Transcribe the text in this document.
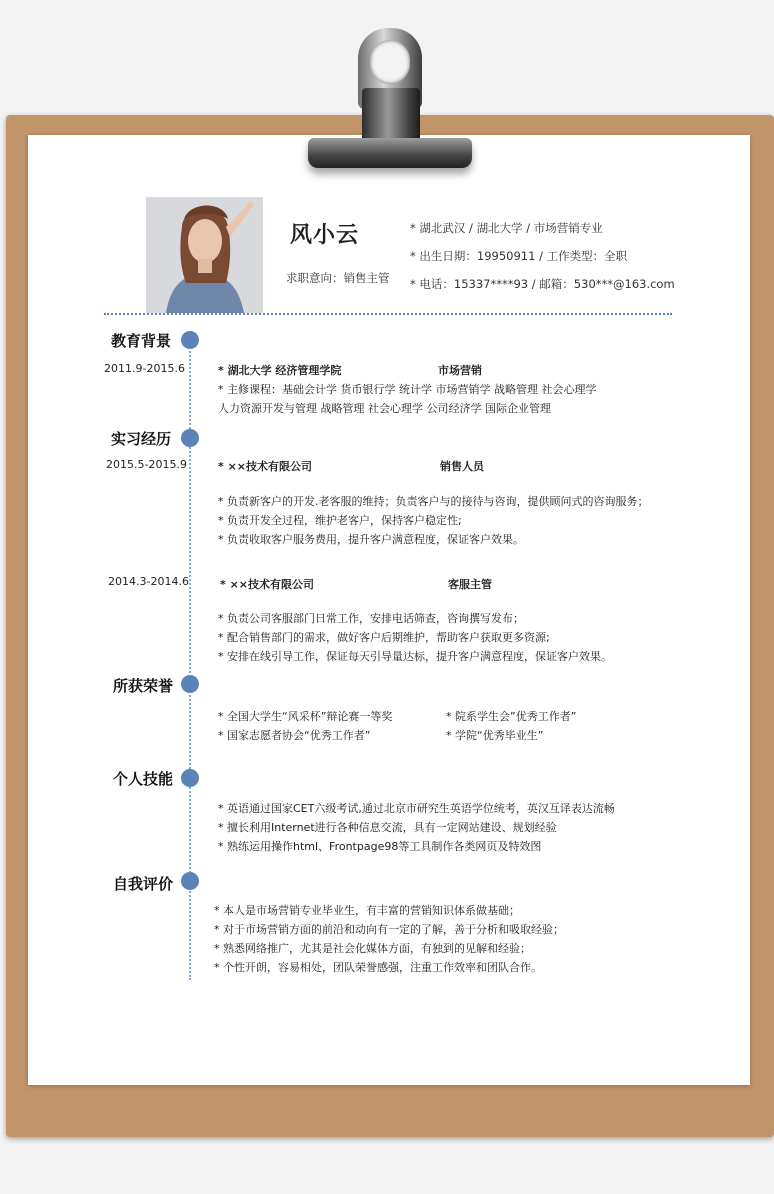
风小云
求职意向：销售主管
* 湖北武汉 / 湖北大学 / 市场营销专业
* 出生日期：19950911 / 工作类型：全职
* 电话：15337****93 / 邮箱：530***@163.com
教育背景
2011.9-2015.6	* 湖北大学 经济管理学院	市场营销
* 主修课程：基础会计学 货币银行学 统计学 市场营销学 战略管理 社会心理学
人力资源开发与管理 战略管理 社会心理学 公司经济学 国际企业管理
实习经历
2015.5-2015.9	* ××技术有限公司	销售人员
* 负责新客户的开发.老客服的维持；负责客户与的接待与咨询，提供顾问式的咨询服务；
* 负责开发全过程，维护老客户，保持客户稳定性;
* 负责收取客户服务费用，提升客户满意程度，保证客户效果。
2014.3-2014.6	* ××技术有限公司	客服主管
* 负责公司客服部门日常工作，安排电话筛查，咨询撰写发布；
* 配合销售部门的需求，做好客户后期维护，帮助客户获取更多资源;
* 安排在线引导工作，保证每天引导量达标，提升客户满意程度，保证客户效果。
所获荣誉
* 全国大学生“风采杯”辩论赛一等奖	* 院系学生会”优秀工作者”
* 国家志愿者协会“优秀工作者”	* 学院“优秀毕业生”
个人技能
* 英语通过国家CET六级考试,通过北京市研究生英语学位统考，英汉互译表达流畅
* 擅长利用Internet进行各种信息交流，具有一定网站建设、规划经验
* 熟练运用操作html、Frontpage98等工具制作各类网页及特效图
自我评价
* 本人是市场营销专业毕业生，有丰富的营销知识体系做基础；
* 对于市场营销方面的前沿和动向有一定的了解，善于分析和吸取经验；
* 熟悉网络推广，尤其是社会化媒体方面，有独到的见解和经验；
* 个性开朗，容易相处，团队荣誉感强，注重工作效率和团队合作。
